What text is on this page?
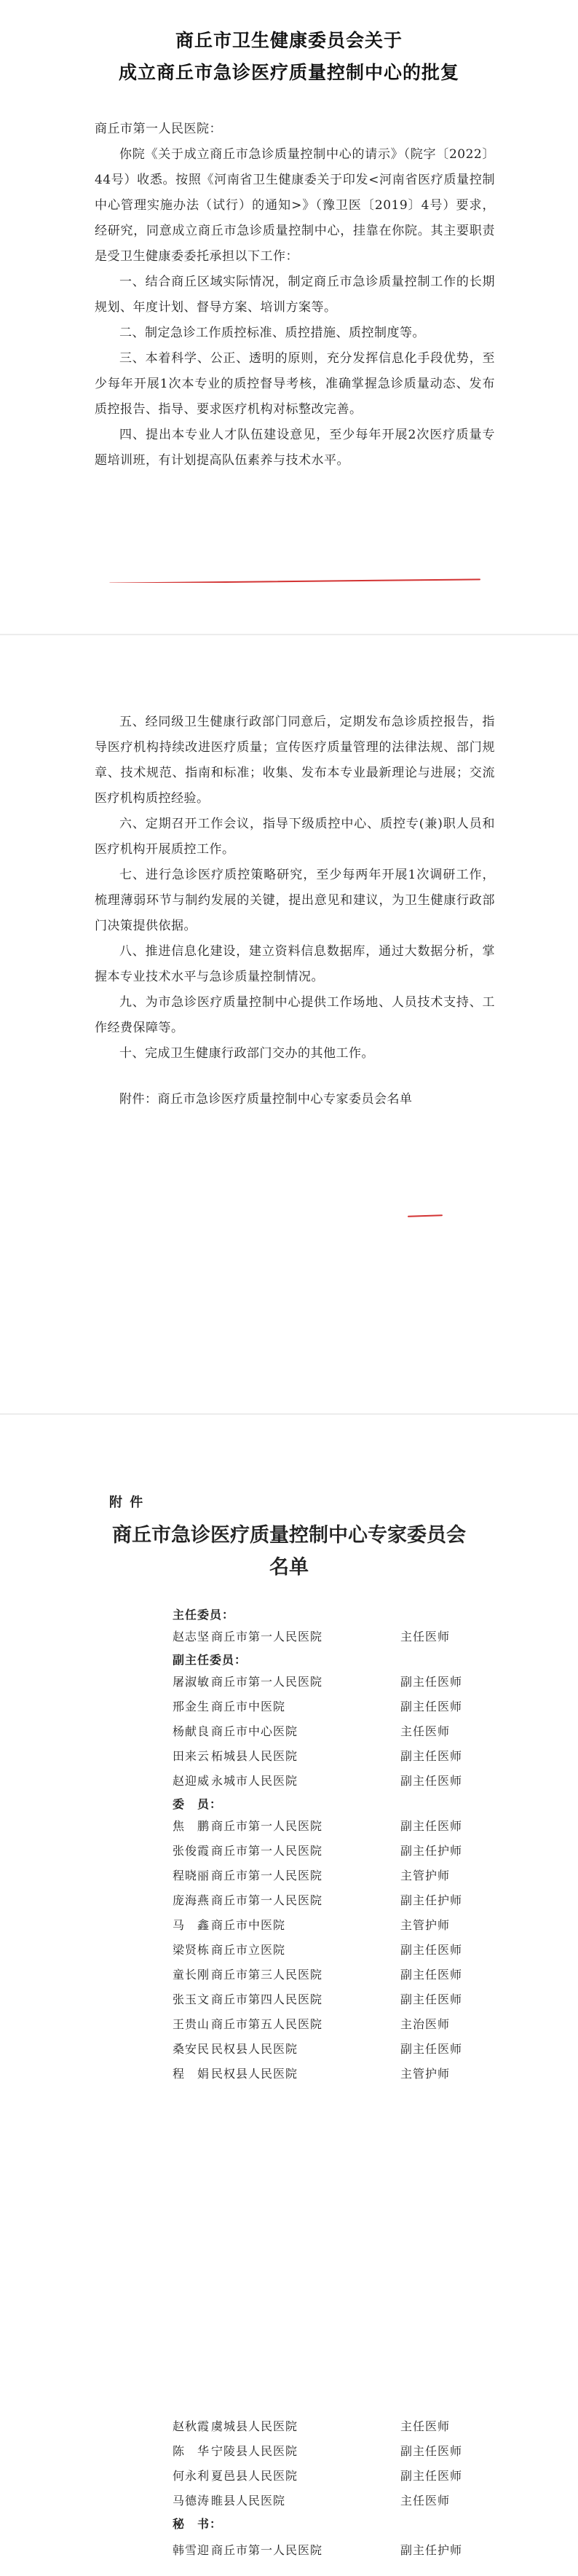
商丘市卫生健康委员会关于
成立商丘市急诊医疗质量控制中心的批复
商丘市第一人民医院：
你院《关于成立商丘市急诊质量控制中心的请示》（院字〔2022〕44号）收悉。按照《河南省卫生健康委关于印发<河南省医疗质量控制中心管理实施办法（试行）的通知>》（豫卫医〔2019〕4号）要求，经研究，同意成立商丘市急诊质量控制中心，挂靠在你院。其主要职责是受卫生健康委委托承担以下工作：
一、结合商丘区域实际情况，制定商丘市急诊质量控制工作的长期规划、年度计划、督导方案、培训方案等。
二、制定急诊工作质控标准、质控措施、质控制度等。
三、本着科学、公正、透明的原则，充分发挥信息化手段优势，至少每年开展1次本专业的质控督导考核，准确掌握急诊质量动态、发布质控报告、指导、要求医疗机构对标整改完善。
四、提出本专业人才队伍建设意见，至少每年开展2次医疗质量专题培训班，有计划提高队伍素养与技术水平。
五、经同级卫生健康行政部门同意后，定期发布急诊质控报告，指导医疗机构持续改进医疗质量；宣传医疗质量管理的法律法规、部门规章、技术规范、指南和标准；收集、发布本专业最新理论与进展；交流医疗机构质控经验。
六、定期召开工作会议，指导下级质控中心、质控专(兼)职人员和医疗机构开展质控工作。
七、进行急诊医疗质控策略研究，至少每两年开展1次调研工作，梳理薄弱环节与制约发展的关键，提出意见和建议，为卫生健康行政部门决策提供依据。
八、推进信息化建设，建立资料信息数据库，通过大数据分析，掌握本专业技术水平与急诊质量控制情况。
九、为市急诊医疗质量控制中心提供工作场地、人员技术支持、工作经费保障等。
十、完成卫生健康行政部门交办的其他工作。
附件：商丘市急诊医疗质量控制中心专家委员会名单
附 件
商丘市急诊医疗质量控制中心专家委员会
名单
主任委员：
赵志坚 商丘市第一人民医院	主任医师
副主任委员：
屠淑敏 商丘市第一人民医院	副主任医师
邢金生 商丘市中医院	副主任医师
杨献良 商丘市中心医院	主任医师
田来云 柘城县人民医院	副主任医师
赵迎威 永城市人民医院	副主任医师
委　员：
焦　鹏 商丘市第一人民医院	副主任医师
张俊霞 商丘市第一人民医院	副主任护师
程晓丽 商丘市第一人民医院	主管护师
庞海燕 商丘市第一人民医院	副主任护师
马　鑫 商丘市中医院	主管护师
梁贤栋 商丘市立医院	副主任医师
童长刚 商丘市第三人民医院	副主任医师
张玉文 商丘市第四人民医院	副主任医师
王贵山 商丘市第五人民医院	主治医师
桑安民 民权县人民医院	副主任医师
程　娟 民权县人民医院	主管护师
赵秋霞 虞城县人民医院	主任医师
陈　华 宁陵县人民医院	副主任医师
何永利 夏邑县人民医院	副主任医师
马德涛 睢县人民医院	主任医师
秘　书：
韩雪迎 商丘市第一人民医院	副主任护师
